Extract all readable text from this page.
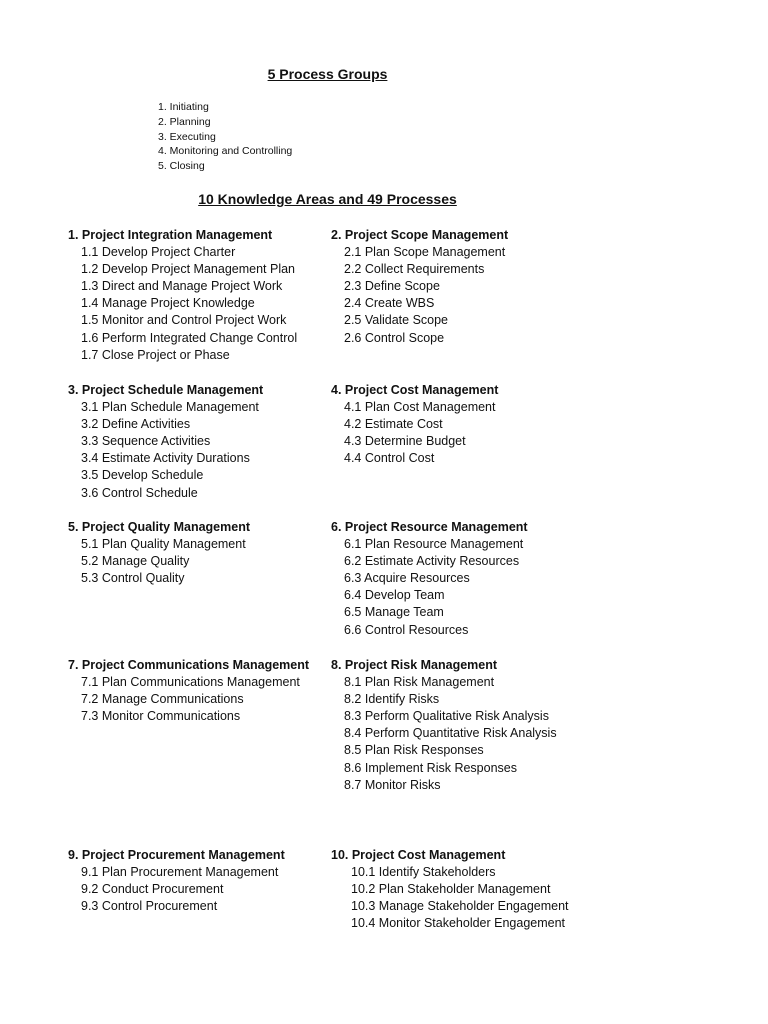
5 Process Groups
1. Initiating
2. Planning
3. Executing
4. Monitoring and Controlling
5. Closing
10 Knowledge Areas and 49 Processes
1. Project Integration Management
1.1 Develop Project Charter
1.2 Develop Project Management Plan
1.3 Direct and Manage Project Work
1.4 Manage Project Knowledge
1.5 Monitor and Control Project Work
1.6 Perform Integrated Change Control
1.7 Close Project or Phase
2. Project Scope Management
2.1 Plan Scope Management
2.2 Collect Requirements
2.3 Define Scope
2.4 Create WBS
2.5 Validate Scope
2.6 Control Scope
3. Project Schedule Management
3.1 Plan Schedule Management
3.2 Define Activities
3.3 Sequence Activities
3.4 Estimate Activity Durations
3.5 Develop Schedule
3.6 Control Schedule
4. Project Cost Management
4.1 Plan Cost Management
4.2 Estimate Cost
4.3 Determine Budget
4.4 Control Cost
5. Project Quality Management
5.1 Plan Quality Management
5.2 Manage Quality
5.3 Control Quality
6. Project Resource Management
6.1 Plan Resource Management
6.2 Estimate Activity Resources
6.3 Acquire Resources
6.4 Develop Team
6.5 Manage Team
6.6 Control Resources
7. Project Communications Management
7.1 Plan Communications Management
7.2 Manage Communications
7.3 Monitor Communications
8. Project Risk Management
8.1 Plan Risk Management
8.2 Identify Risks
8.3 Perform Qualitative Risk Analysis
8.4 Perform Quantitative Risk Analysis
8.5 Plan Risk Responses
8.6 Implement Risk Responses
8.7 Monitor Risks
9. Project Procurement Management
9.1 Plan Procurement Management
9.2 Conduct Procurement
9.3 Control Procurement
10. Project Cost Management
10.1 Identify Stakeholders
10.2 Plan Stakeholder Management
10.3 Manage Stakeholder Engagement
10.4 Monitor Stakeholder Engagement
